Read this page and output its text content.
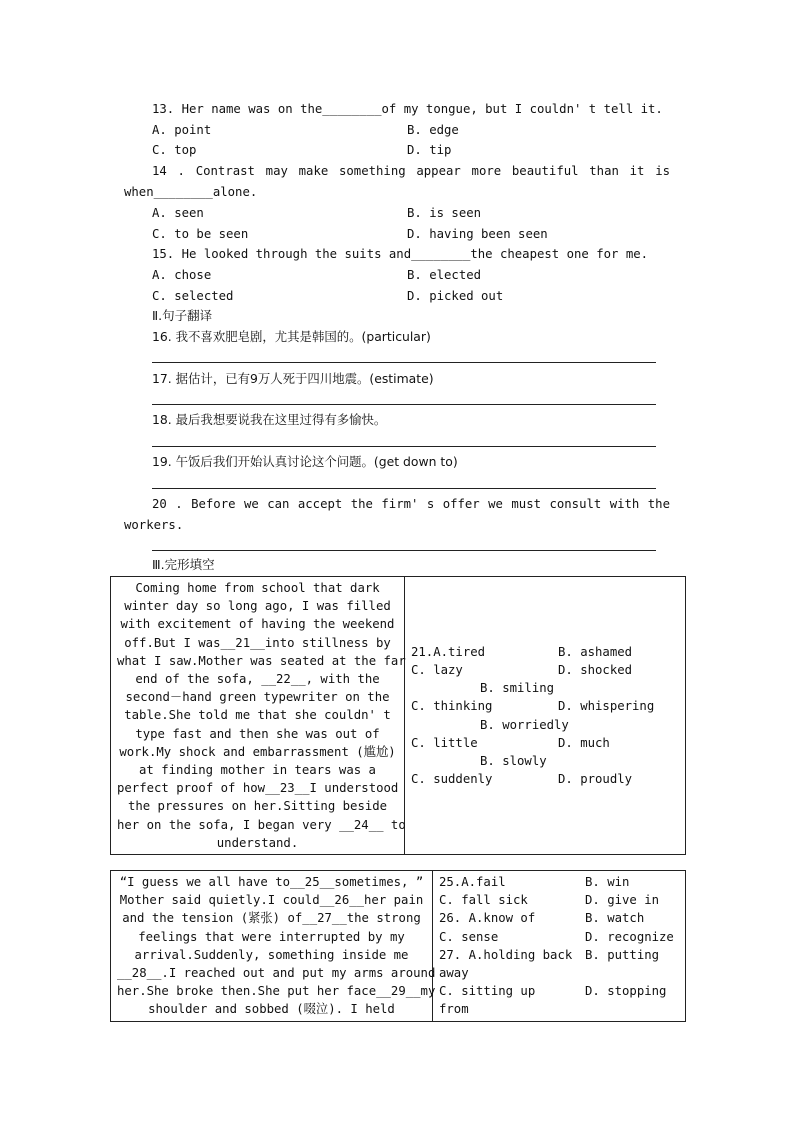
13. Her name was on the________of my tongue, but I couldn' t tell it.
A. point	B. edge
C. top	D. tip
14 . Contrast may make something appear more beautiful than it is
when________alone.
A. seen	B. is seen
C. to be seen	D. having been seen
15. He looked through the suits and________the cheapest one for me.
A. chose	B. elected
C. selected	D. picked out
Ⅱ.句子翻译
16. 我不喜欢肥皂剧，尤其是韩国的。(particular)
17. 据估计，已有9万人死于四川地震。(estimate)
18. 最后我想要说我在这里过得有多愉快。
19. 午饭后我们开始认真讨论这个问题。(get down to)
20 . Before we can accept the firm' s offer we must consult with the
workers.
Ⅲ.完形填空
Coming home from school that dark
winter day so long ago, I was filled
with excitement of having the weekend
off.But I was__21__into stillness by
what I saw.Mother was seated at the far
end of the sofa, __22__, with the
second－hand green typewriter on the
table.She told me that she couldn' t
type fast and then she was out of
work.My shock and embarrassment (尴尬)
at finding mother in tears was a
perfect proof of how__23__I understood
the pressures on her.Sitting beside
her on the sofa, I began very __24__ to
understand.

21.A.tired	B. ashamed
C. lazy	D. shocked
B. smiling
C. thinking	D. whispering
B. worriedly
C. little	D. much
B. slowly
C. suddenly	D. proudly
“I guess we all have to__25__sometimes, ”
Mother said quietly.I could__26__her pain
and the tension (紧张) of__27__the strong
feelings that were interrupted by my
arrival.Suddenly, something inside me
__28__.I reached out and put my arms around
her.She broke then.She put her face__29__my
shoulder and sobbed (啜泣). I held

25.A.fail	B. win
C. fall sick	D. give in
26. A.know of	B. watch
C. sense	D. recognize
27. A.holding back B. putting
away
C. sitting up	D. stopping
from
